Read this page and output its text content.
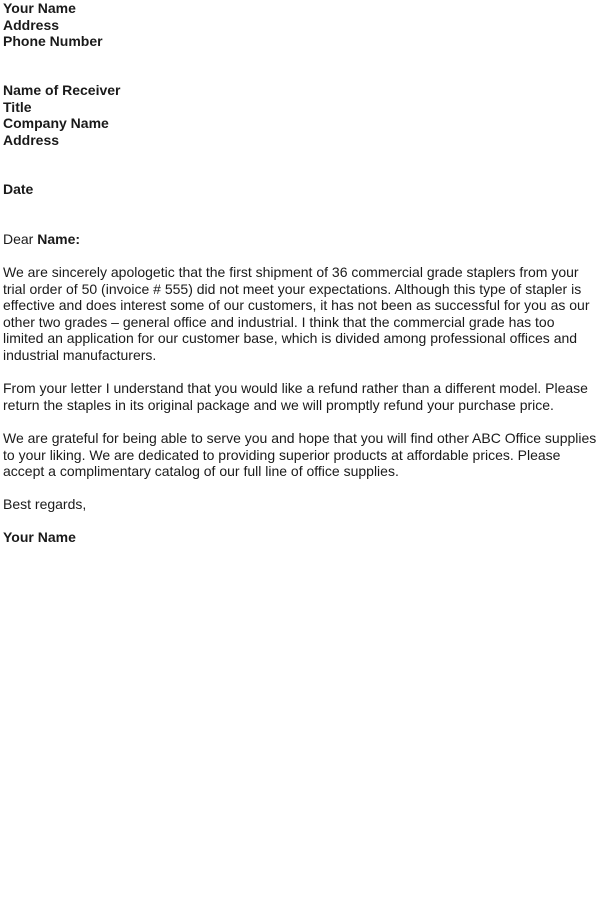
Your Name
Address
Phone Number
Name of Receiver
Title
Company Name
Address
Date
Dear Name:
We are sincerely apologetic that the first shipment of 36 commercial grade staplers from your
trial order of 50 (invoice # 555) did not meet your expectations. Although this type of stapler is
effective and does interest some of our customers, it has not been as successful for you as our
other two grades – general office and industrial. I think that the commercial grade has too
limited an application for our customer base, which is divided among professional offices and
industrial manufacturers.
From your letter I understand that you would like a refund rather than a different model. Please
return the staples in its original package and we will promptly refund your purchase price.
We are grateful for being able to serve you and hope that you will find other ABC Office supplies
to your liking. We are dedicated to providing superior products at affordable prices. Please
accept a complimentary catalog of our full line of office supplies.
Best regards,
Your Name
